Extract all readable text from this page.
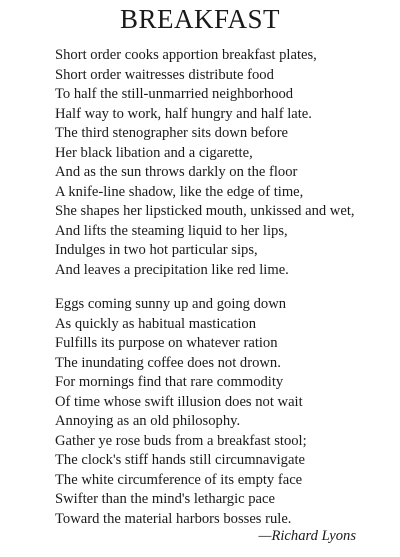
BREAKFAST
Short order cooks apportion breakfast plates,
Short order waitresses distribute food
To half the still-unmarried neighborhood
Half way to work, half hungry and half late.
The third stenographer sits down before
Her black libation and a cigarette,
And as the sun throws darkly on the floor
A knife-line shadow, like the edge of time,
She shapes her lipsticked mouth, unkissed and wet,
And lifts the steaming liquid to her lips,
Indulges in two hot particular sips,
And leaves a precipitation like red lime.
Eggs coming sunny up and going down
As quickly as habitual mastication
Fulfills its purpose on whatever ration
The inundating coffee does not drown.
For mornings find that rare commodity
Of time whose swift illusion does not wait
Annoying as an old philosophy.
Gather ye rose buds from a breakfast stool;
The clock's stiff hands still circumnavigate
The white circumference of its empty face
Swifter than the mind's lethargic pace
Toward the material harbors bosses rule.
—Richard Lyons
